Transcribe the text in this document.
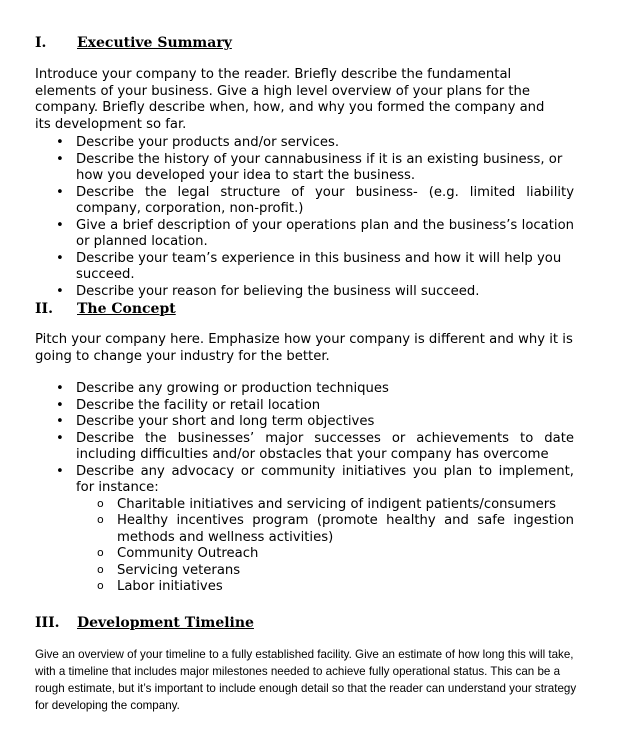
I. Executive Summary
Introduce your company to the reader. Briefly describe the fundamental elements of your business. Give a high level overview of your plans for the company. Briefly describe when, how, and why you formed the company and its development so far.
• Describe your products and/or services.
• Describe the history of your cannabusiness if it is an existing business, or how you developed your idea to start the business.
• Describe the legal structure of your business- (e.g. limited liability company, corporation, non-profit.)
• Give a brief description of your operations plan and the business’s location or planned location.
• Describe your team’s experience in this business and how it will help you succeed.
• Describe your reason for believing the business will succeed.
II. The Concept
Pitch your company here. Emphasize how your company is different and why it is going to change your industry for the better.
• Describe any growing or production techniques
• Describe the facility or retail location
• Describe your short and long term objectives
• Describe the businesses’ major successes or achievements to date including difficulties and/or obstacles that your company has overcome
• Describe any advocacy or community initiatives you plan to implement, for instance:
o Charitable initiatives and servicing of indigent patients/consumers
o Healthy incentives program (promote healthy and safe ingestion methods and wellness activities)
o Community Outreach
o Servicing veterans
o Labor initiatives
III. Development Timeline
Give an overview of your timeline to a fully established facility. Give an estimate of how long this will take, with a timeline that includes major milestones needed to achieve fully operational status. This can be a rough estimate, but it’s important to include enough detail so that the reader can understand your strategy for developing the company.
